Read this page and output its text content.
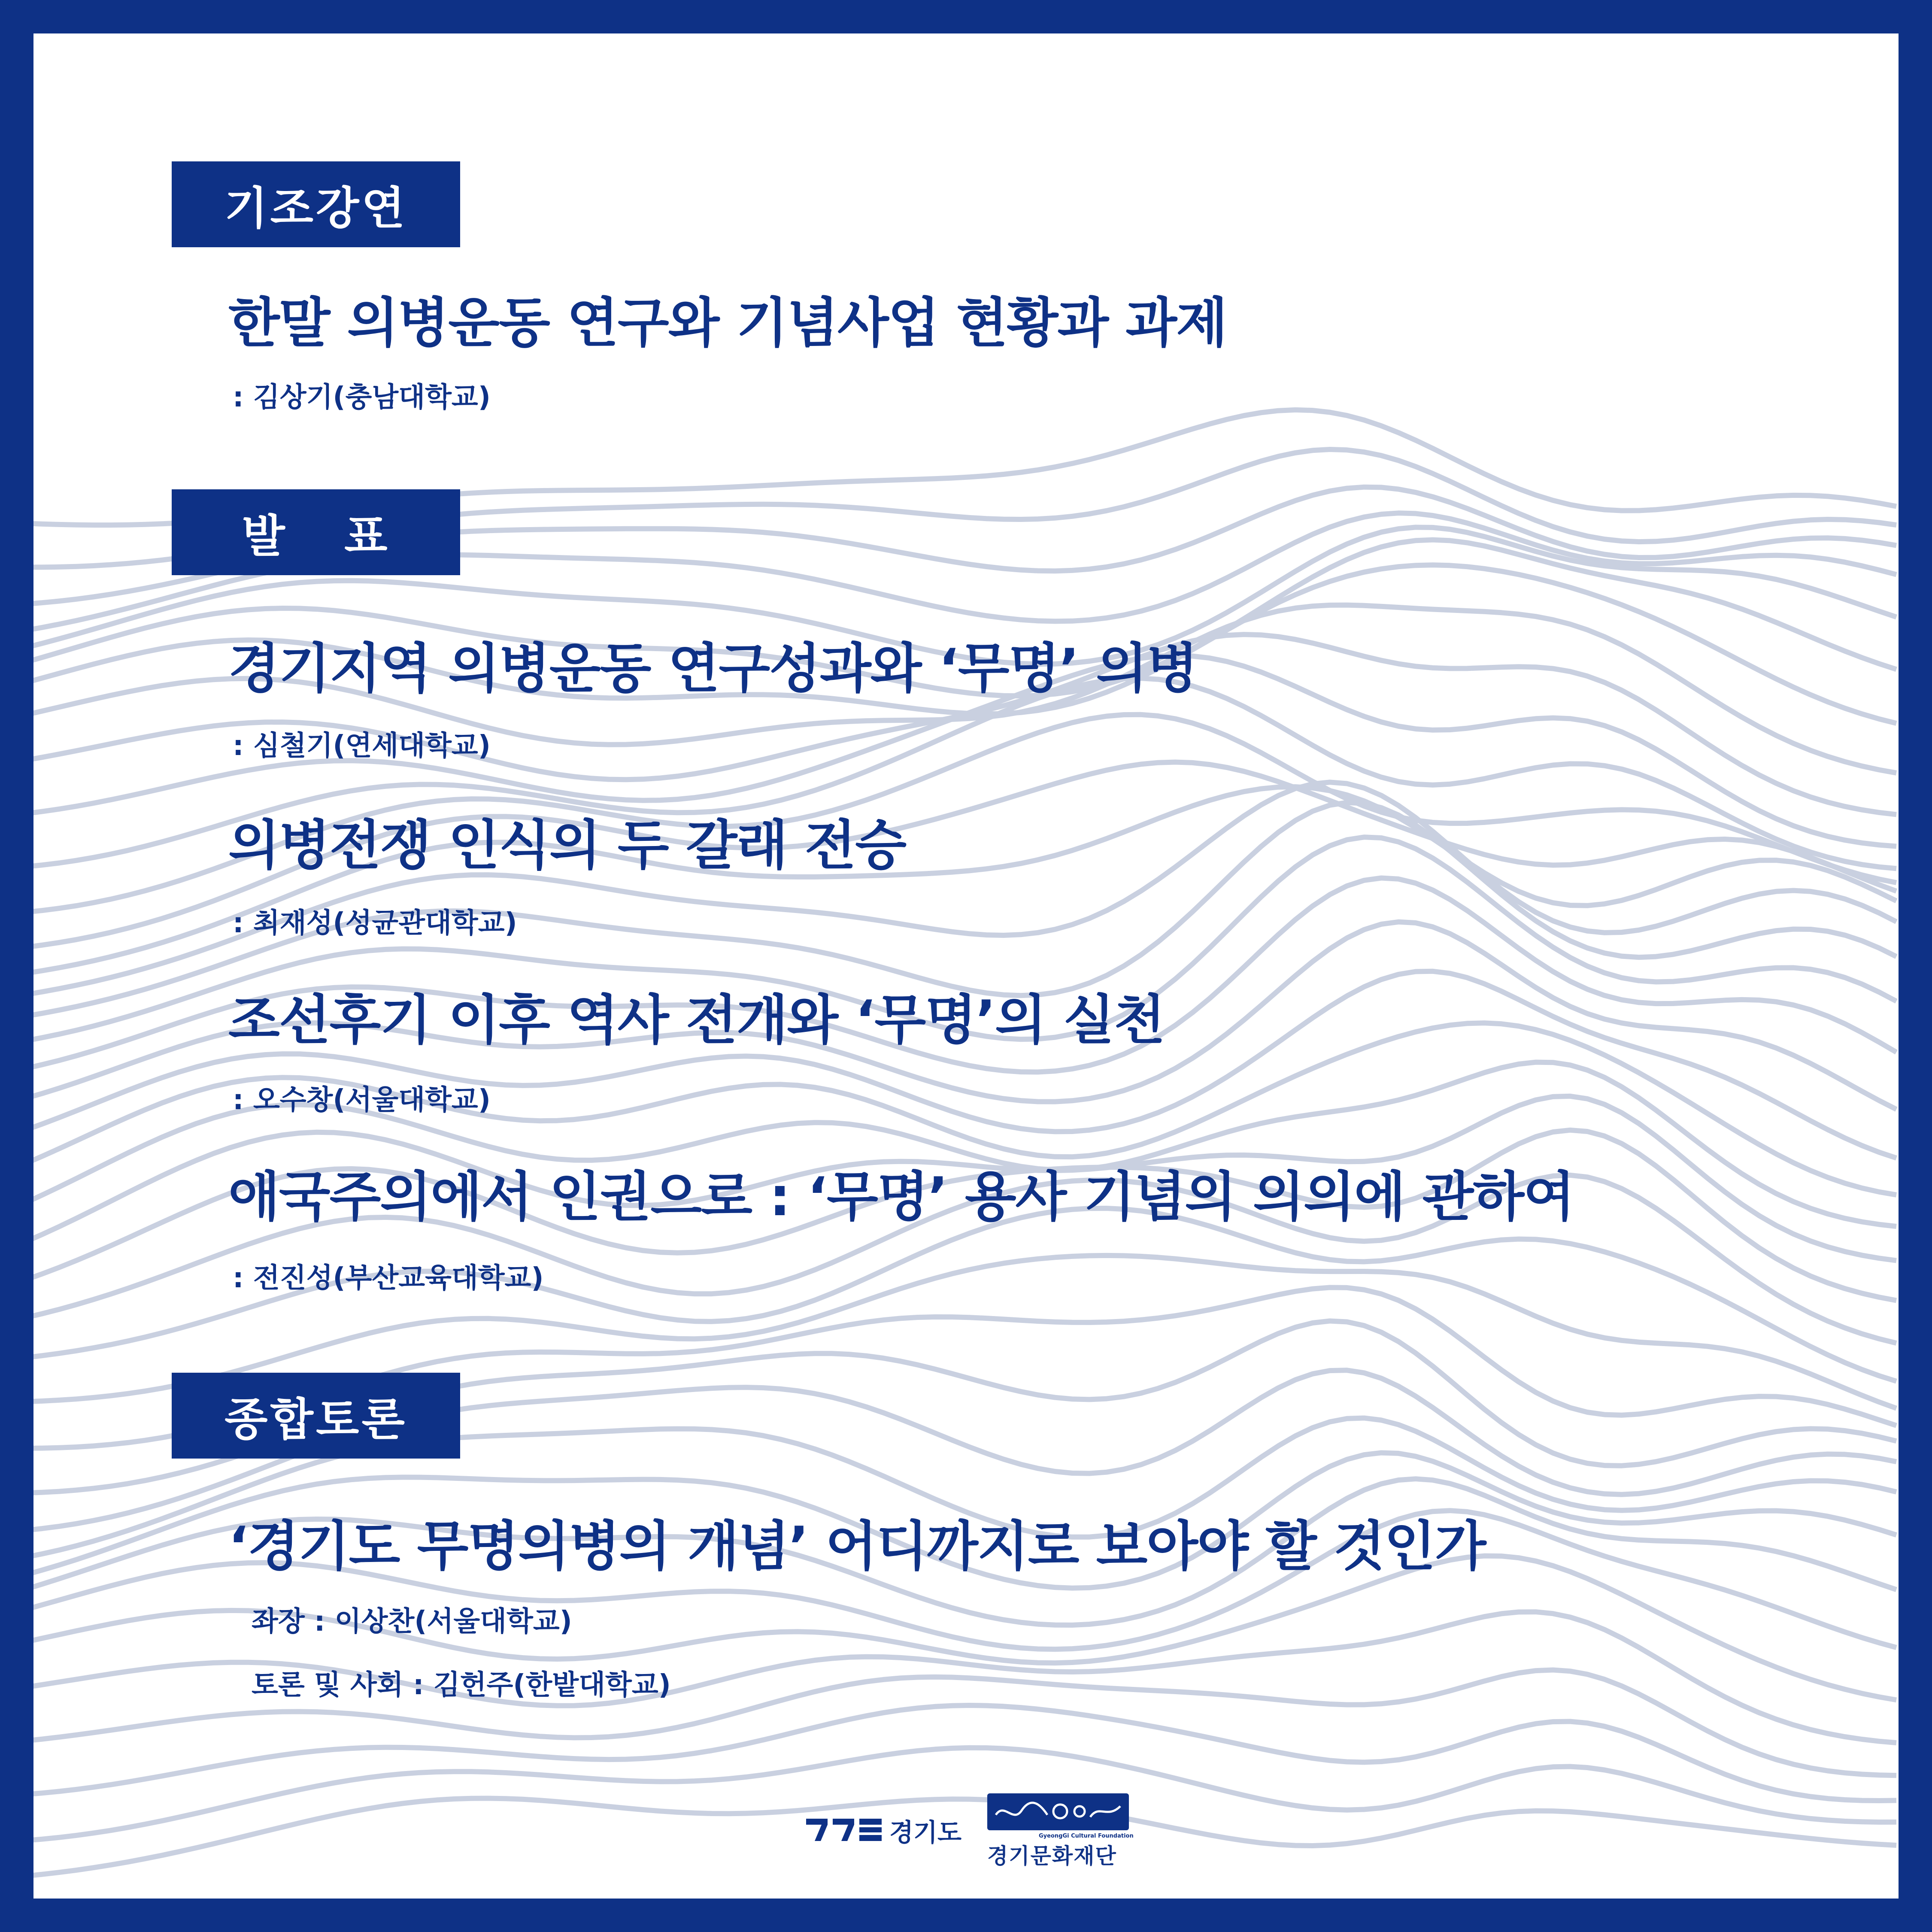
기조강연
한말 의병운동 연구와 기념사업 현황과 과제
: 김상기(충남대학교)
발 표
경기지역 의병운동 연구성과와 ‘무명’ 의병
: 심철기(연세대학교)
의병전쟁 인식의 두 갈래 전승
: 최재성(성균관대학교)
조선후기 이후 역사 전개와 ‘무명’의 실천
: 오수창(서울대학교)
애국주의에서 인권으로 : ‘무명’ 용사 기념의 의의에 관하여
: 전진성(부산교육대학교)
종합토론
‘경기도 무명의병의 개념’ 어디까지로 보아야 할 것인가
좌장 : 이상찬(서울대학교)
토론 및 사회 : 김헌주(한밭대학교)
경기도	GyeongGi Cultural Foundation
경기문화재단
